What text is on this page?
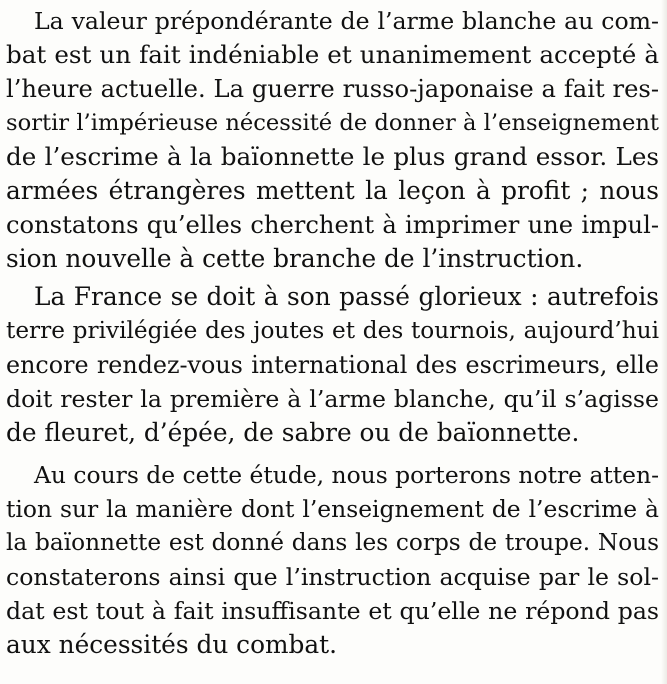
La valeur prépondérante de l’arme blanche au com-
bat est un fait indéniable et unanimement accepté à
l’heure actuelle. La guerre russo-japonaise a fait res-
sortir l’impérieuse nécessité de donner à l’enseignement
de l’escrime à la baïonnette le plus grand essor. Les
armées étrangères mettent la leçon à profit ; nous
constatons qu’elles cherchent à imprimer une impul-
sion nouvelle à cette branche de l’instruction.
La France se doit à son passé glorieux : autrefois
terre privilégiée des joutes et des tournois, aujourd’hui
encore rendez-vous international des escrimeurs, elle
doit rester la première à l’arme blanche, qu’il s’agisse
de fleuret, d’épée, de sabre ou de baïonnette.
Au cours de cette étude, nous porterons notre atten-
tion sur la manière dont l’enseignement de l’escrime à
la baïonnette est donné dans les corps de troupe. Nous
constaterons ainsi que l’instruction acquise par le sol-
dat est tout à fait insuffisante et qu’elle ne répond pas
aux nécessités du combat.
